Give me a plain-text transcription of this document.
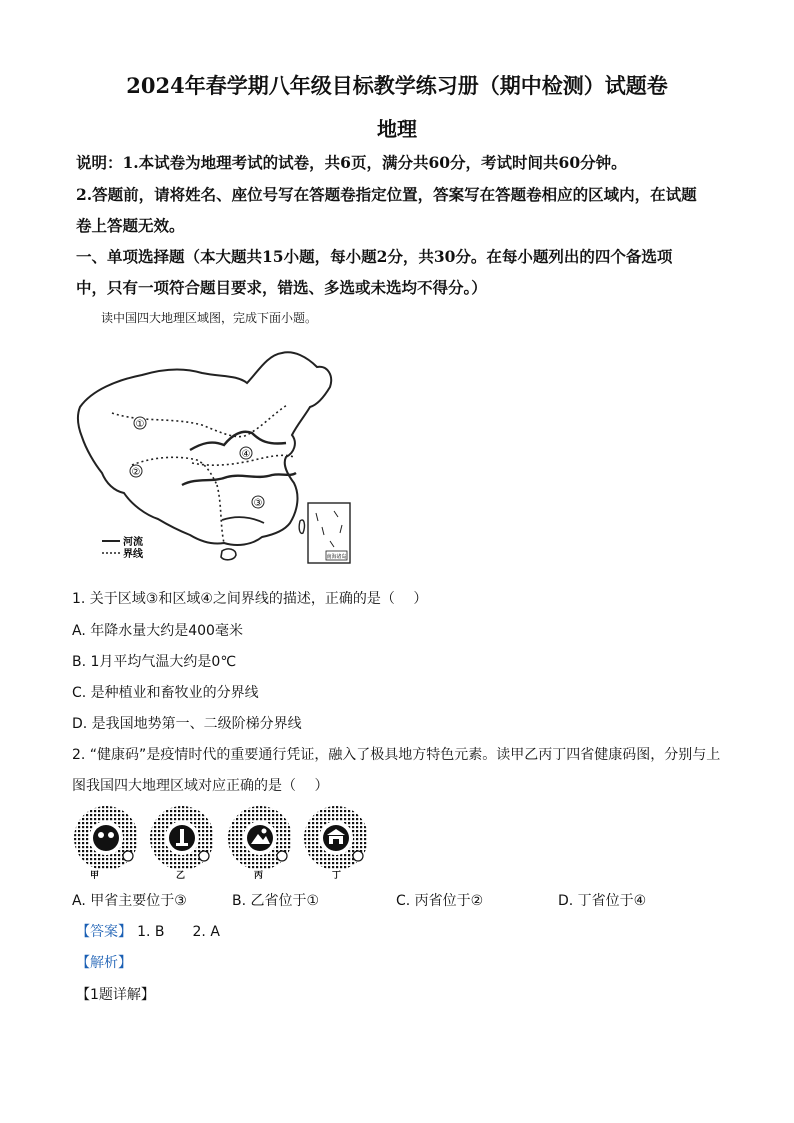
2024年春学期八年级目标教学练习册（期中检测）试题卷
地理
说明：1.本试卷为地理考试的试卷，共6页，满分共60分，考试时间共60分钟。
2.答题前，请将姓名、座位号写在答题卷指定位置，答案写在答题卷相应的区域内，在试题
卷上答题无效。
一、单项选择题（本大题共15小题，每小题2分，共30分。在每小题列出的四个备选项
中，只有一项符合题目要求，错选、多选或未选均不得分。）
读中国四大地理区域图，完成下面小题。
①
②
③
④
河流
界线	南海诸岛
1. 关于区域③和区域④之间界线的描述，正确的是（　 ）
A. 年降水量大约是400毫米
B. 1月平均气温大约是0℃
C. 是种植业和畜牧业的分界线
D. 是我国地势第一、二级阶梯分界线
2. “健康码”是疫情时代的重要通行凭证，融入了极具地方特色元素。读甲乙丙丁四省健康码图，分别与上
图我国四大地理区域对应正确的是（　 ）
甲	乙	丙	丁
A. 甲省主要位于③	B. 乙省位于①	C. 丙省位于②	D. 丁省位于④
【答案】 1. B　　2. A
【解析】
【1题详解】
